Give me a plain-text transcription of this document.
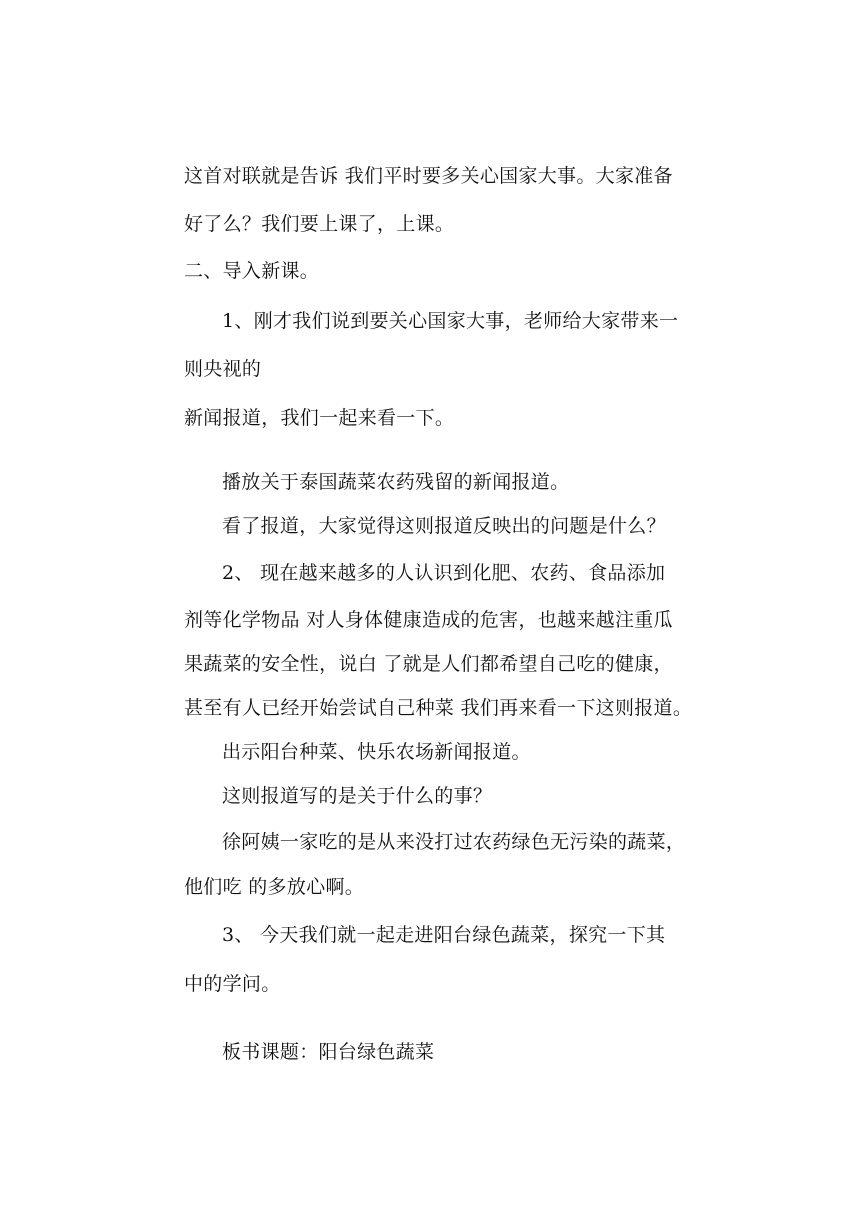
这首对联就是告诉 我们平时要多关心国家大事。大家准备
好了么？我们要上课了，上课。
二、导入新课。
1、刚才我们说到要关心国家大事，老师给大家带来一
则央视的
新闻报道，我们一起来看一下。
播放关于泰国蔬菜农药残留的新闻报道。
看了报道，大家觉得这则报道反映出的问题是什么？
2、 现在越来越多的人认识到化肥、农药、食品添加
剂等化学物品 对人身体健康造成的危害，也越来越注重瓜
果蔬菜的安全性，说白 了就是人们都希望自己吃的健康，
甚至有人已经开始尝试自己种菜 我们再来看一下这则报道。
出示阳台种菜、快乐农场新闻报道。
这则报道写的是关于什么的事？
徐阿姨一家吃的是从来没打过农药绿色无污染的蔬菜，
他们吃 的多放心啊。
3、 今天我们就一起走进阳台绿色蔬菜，探究一下其
中的学问。
板书课题：阳台绿色蔬菜
